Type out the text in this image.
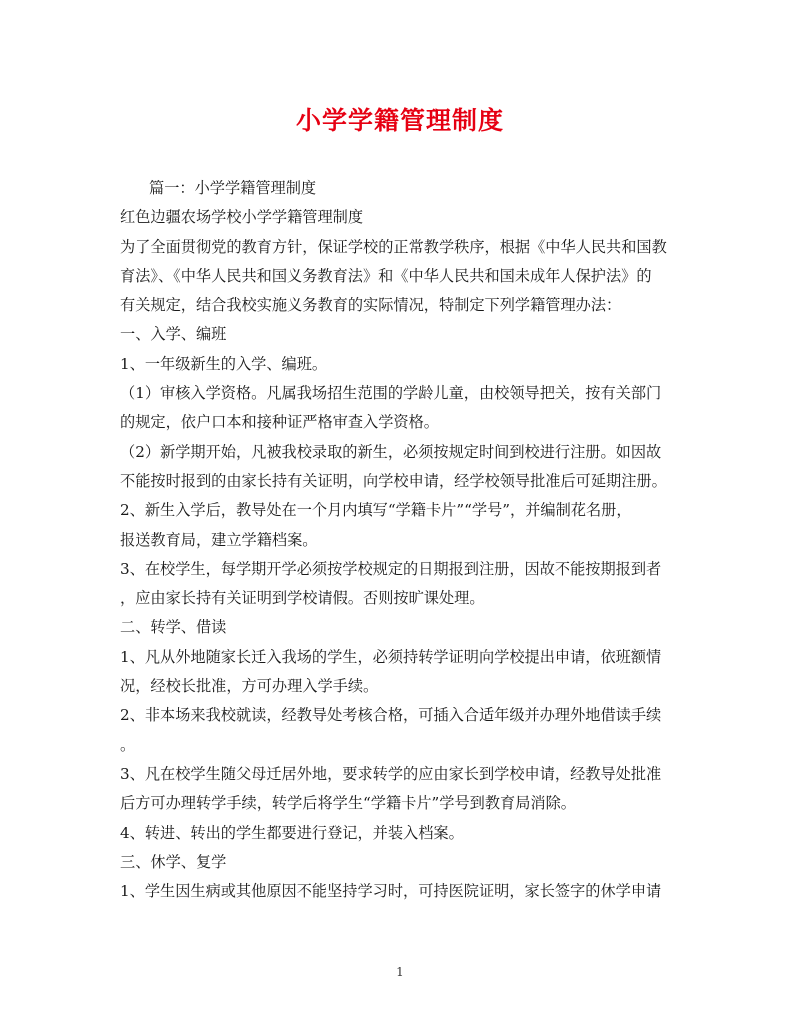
小学学籍管理制度
篇一：小学学籍管理制度
红色边疆农场学校小学学籍管理制度
为了全面贯彻党的教育方针，保证学校的正常教学秩序，根据《中华人民共和国教
育法》、《中华人民共和国义务教育法》和《中华人民共和国未成年人保护法》的
有关规定，结合我校实施义务教育的实际情况，特制定下列学籍管理办法：
一、入学、编班
1、一年级新生的入学、编班。
（1）审核入学资格。凡属我场招生范围的学龄儿童，由校领导把关，按有关部门
的规定，依户口本和接种证严格审查入学资格。
（2）新学期开始，凡被我校录取的新生，必须按规定时间到校进行注册。如因故
不能按时报到的由家长持有关证明，向学校申请，经学校领导批准后可延期注册。
2、新生入学后，教导处在一个月内填写“学籍卡片”“学号”，并编制花名册，
报送教育局，建立学籍档案。
3、在校学生，每学期开学必须按学校规定的日期报到注册，因故不能按期报到者
，应由家长持有关证明到学校请假。否则按旷课处理。
二、转学、借读
1、凡从外地随家长迁入我场的学生，必须持转学证明向学校提出申请，依班额情
况，经校长批准，方可办理入学手续。
2、非本场来我校就读，经教导处考核合格，可插入合适年级并办理外地借读手续
。
3、凡在校学生随父母迁居外地，要求转学的应由家长到学校申请，经教导处批准
后方可办理转学手续，转学后将学生“学籍卡片”学号到教育局消除。
4、转进、转出的学生都要进行登记，并装入档案。
三、休学、复学
1、学生因生病或其他原因不能坚持学习时，可持医院证明，家长签字的休学申请
1
